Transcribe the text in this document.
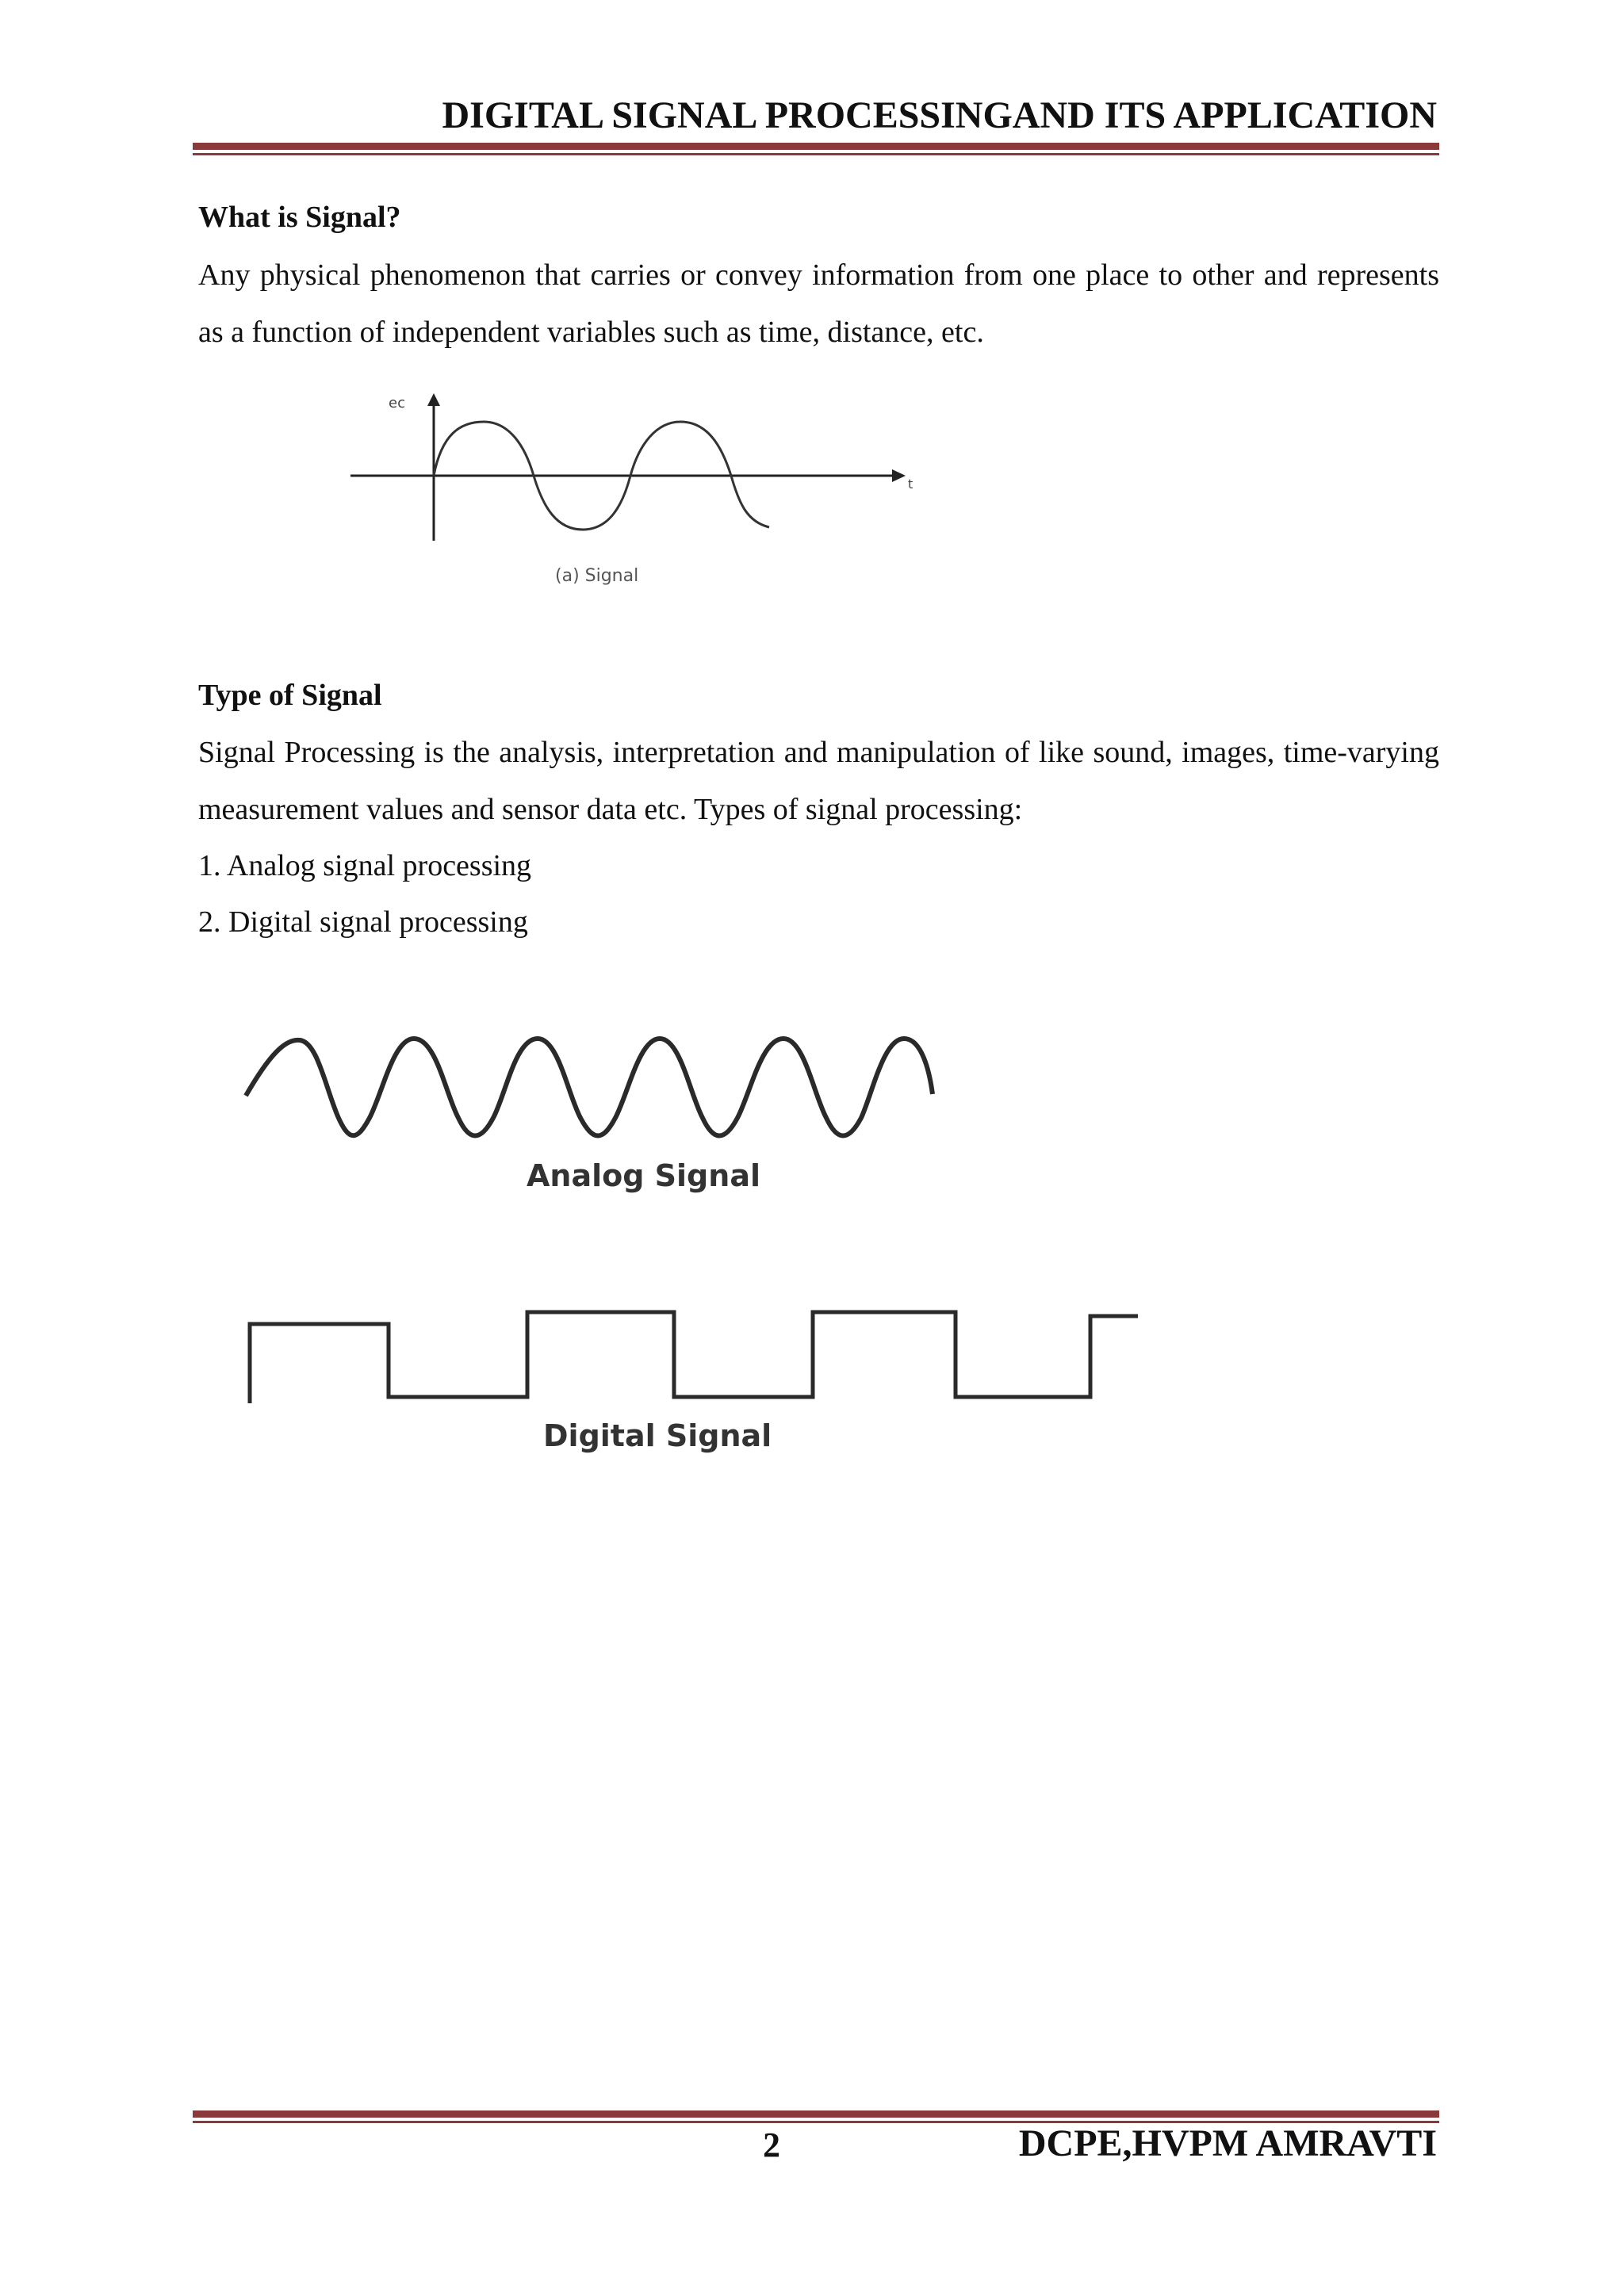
DIGITAL SIGNAL PROCESSINGAND ITS APPLICATION
What is Signal?
Any physical phenomenon that carries or convey information from one place to other and represents as a function of independent variables such as time, distance, etc.
ec
t
(a) Signal
Type of Signal
Signal Processing is the analysis, interpretation and manipulation of like sound, images, time-varying measurement values and sensor data etc. Types of signal processing:
1. Analog signal processing
2. Digital signal processing
Analog Signal
Digital Signal
2	DCPE,HVPM AMRAVTI
